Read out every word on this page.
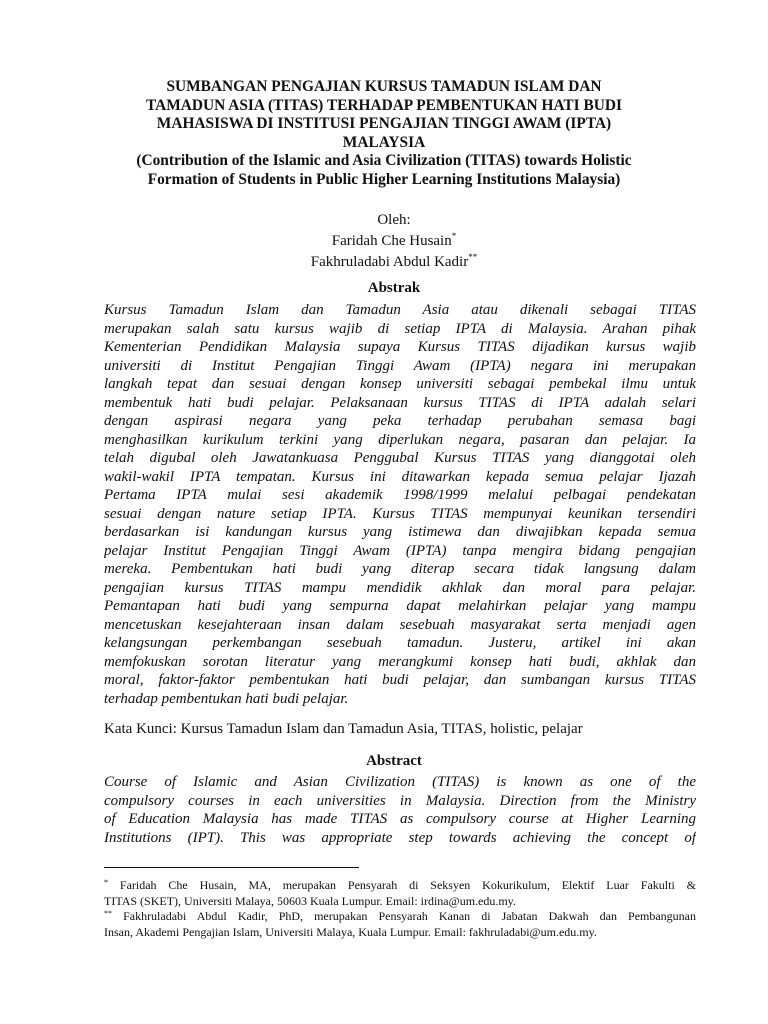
SUMBANGAN PENGAJIAN KURSUS TAMADUN ISLAM DAN
TAMADUN ASIA (TITAS) TERHADAP PEMBENTUKAN HATI BUDI
MAHASISWA DI INSTITUSI PENGAJIAN TINGGI AWAM (IPTA)
MALAYSIA
(Contribution of the Islamic and Asia Civilization (TITAS) towards Holistic
Formation of Students in Public Higher Learning Institutions Malaysia)
Oleh:
Faridah Che Husain*
Fakhruladabi Abdul Kadir**
Abstrak
Kursus Tamadun Islam dan Tamadun Asia atau dikenali sebagai TITAS
merupakan salah satu kursus wajib di setiap IPTA di Malaysia. Arahan pihak
Kementerian Pendidikan Malaysia supaya Kursus TITAS dijadikan kursus wajib
universiti di Institut Pengajian Tinggi Awam (IPTA) negara ini merupakan
langkah tepat dan sesuai dengan konsep universiti sebagai pembekal ilmu untuk
membentuk hati budi pelajar. Pelaksanaan kursus TITAS di IPTA adalah selari
dengan aspirasi negara yang peka terhadap perubahan semasa bagi
menghasilkan kurikulum terkini yang diperlukan negara, pasaran dan pelajar. Ia
telah digubal oleh Jawatankuasa Penggubal Kursus TITAS yang dianggotai oleh
wakil-wakil IPTA tempatan. Kursus ini ditawarkan kepada semua pelajar Ijazah
Pertama IPTA mulai sesi akademik 1998/1999 melalui pelbagai pendekatan
sesuai dengan nature setiap IPTA. Kursus TITAS mempunyai keunikan tersendiri
berdasarkan isi kandungan kursus yang istimewa dan diwajibkan kepada semua
pelajar Institut Pengajian Tinggi Awam (IPTA) tanpa mengira bidang pengajian
mereka. Pembentukan hati budi yang diterap secara tidak langsung dalam
pengajian kursus TITAS mampu mendidik akhlak dan moral para pelajar.
Pemantapan hati budi yang sempurna dapat melahirkan pelajar yang mampu
mencetuskan kesejahteraan insan dalam sesebuah masyarakat serta menjadi agen
kelangsungan perkembangan sesebuah tamadun. Justeru, artikel ini akan
memfokuskan sorotan literatur yang merangkumi konsep hati budi, akhlak dan
moral, faktor-faktor pembentukan hati budi pelajar, dan sumbangan kursus TITAS
terhadap pembentukan hati budi pelajar.
Kata Kunci: Kursus Tamadun Islam dan Tamadun Asia, TITAS, holistic, pelajar
Abstract
Course of Islamic and Asian Civilization (TITAS) is known as one of the
compulsory courses in each universities in Malaysia. Direction from the Ministry
of Education Malaysia has made TITAS as compulsory course at Higher Learning
Institutions (IPT). This was appropriate step towards achieving the concept of
* Faridah Che Husain, MA, merupakan Pensyarah di Seksyen Kokurikulum, Elektif Luar Fakulti &
TITAS (SKET), Universiti Malaya, 50603 Kuala Lumpur. Email: irdina@um.edu.my.
** Fakhruladabi Abdul Kadir, PhD, merupakan Pensyarah Kanan di Jabatan Dakwah dan Pembangunan
Insan, Akademi Pengajian Islam, Universiti Malaya, Kuala Lumpur. Email: fakhruladabi@um.edu.my.
